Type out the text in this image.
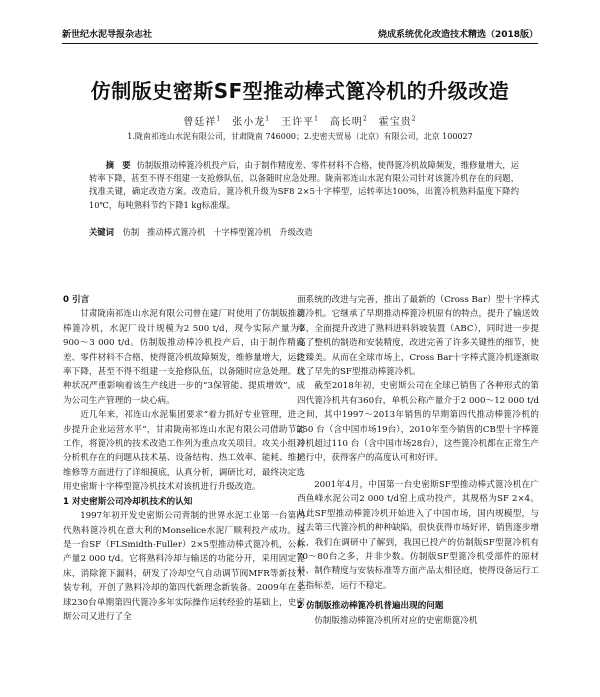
新世纪水泥导报杂志社	烧成系统优化改造技术精选（2018版）
仿制版史密斯SF型推动棒式篦冷机的升级改造
曾廷祥$^1$　 张小龙$^1$　 王许平$^1$　 高长明$^2$　 霍宝贵$^2$
1.陇南祁连山水泥有限公司，甘肃陇南 746000；2.史密夫贸易（北京）有限公司，北京 100027

摘　要 仿制版推动棒篦冷机投产后，由于制作精度差、零件材料不合格，使得篦冷机故障频发，维修量增大，运转率下降，甚至不得不组建一支抢修队伍，以备随时应急处理。陇南祁连山水泥有限公司针对该篦冷机存在的问题，找准关键，确定改造方案。改造后，篦冷机升级为SF8 2×5十字棒型，运转率达100%，出篦冷机熟料温度下降约10℃，每吨熟料节约下降1 kg标准煤。

关键词 仿制 推动棒式篦冷机 十字棒型篦冷机 升级改造
0 引言

甘肃陇南祁连山水泥有限公司曾在建厂时使用了仿制版推动棒篦冷机，水泥厂设计规模为2 500 t/d，现今实际产量为2 900～3 000 t/d。仿制版推动棒冷机投产后，由于制作精度差、零件材料不合格，使得篦冷机故障频发，维修量增大，运转率下降，甚至不得不组建一支抢修队伍，以备随时应急处理。这种状况严重影响着该生产线进一步的“3保管能、提质增效”，成为公司生产管理的一块心病。

近几年来，祁连山水泥集团要求“着力抓好专业管理，进一步提升企业运营水平”，甘肃陇南祁连山水泥有限公司借助节能工作，将篦冷机的技术改造工作列为重点攻关项目。攻关小组对分析机存在的问题从技术基、设备结构、热工效率、能耗、维护维修等方面进行了详细摸底，认真分析，调研比对，最终决定选用史密斯十字棒型篦冷机技术对该机进行升级改造。

1 对史密斯公司冷却机技术的认知

1997年初开发史密斯公司背制的世界水泥工业第一台第四代熟料篦冷机在意大利的Monselice水泥厂顺利投产成功。这是一台SF（FLSmidth-Fuller）2×5型推动棒式篦冷机，公称产量2 000 t/d。它将熟料冷却与输送的功能分开，采用固定篦床，消除篦下漏料，研发了冷却空气自动调节阀MFR等新技术装专利，开创了熟料冷却的第四代新理念新装备。2009年在全球230台单期第四代篦冷多年实际操作运转经验的基础上，史密斯公司又进行了全

面系统的改进与完善，推出了最新的（Cross Bar）型十字棒式篦冷机。它继承了早期推动棒篦冷机原有的特点，提升了输送效率，全面提升改进了熟料进料斜坡装置（ABC），同时进一步提高了整机的制造和安装精度，改进完善了许多关键性的细节，使之臻美。从而在全球市场上，Cross Bar十字棒式篦冷机逐渐取代了早先的SF型推动棒篦冷机。

截至2018年初，史密斯公司在全球已销售了各种形式的第四代篦冷机共有360台，单机公称产量介于2 000～12 000 t/d之间，其中1997～2013年销售的早期第四代推动棒篦冷机的 250 台（含中国市场19台），2010年至今销售的CB型十字棒篦冷机超过110 台（含中国市场28台），这些篦冷机都在正常生产运行中，获得客户的高度认可和好评。

2001年4月，中国第一台史密斯SF型推动棒式篦冷机在广西鱼峰水泥公司2 000 t/d窑上成功投产，其规格为SF 2×4。从此SF型推动棒篦冷机开始进入了中国市场，国内规模型，与过去第三代篦冷机的种种缺陷，很快获得市场好评，销售逐步增长，我们在调研中了解到，我国已投产的仿制版SF型篦冷机有70～80台之多，并非少数。仿制版SF型篦冷机受部件的原材料、制作精度与安装标准等方面产品太相径庭，使得设备运行工艺指标差，运行不稳定。

2 仿制版推动棒篦冷机普遍出现的问题

仿制版推动棒篦冷机所对应的史密斯篦冷机
